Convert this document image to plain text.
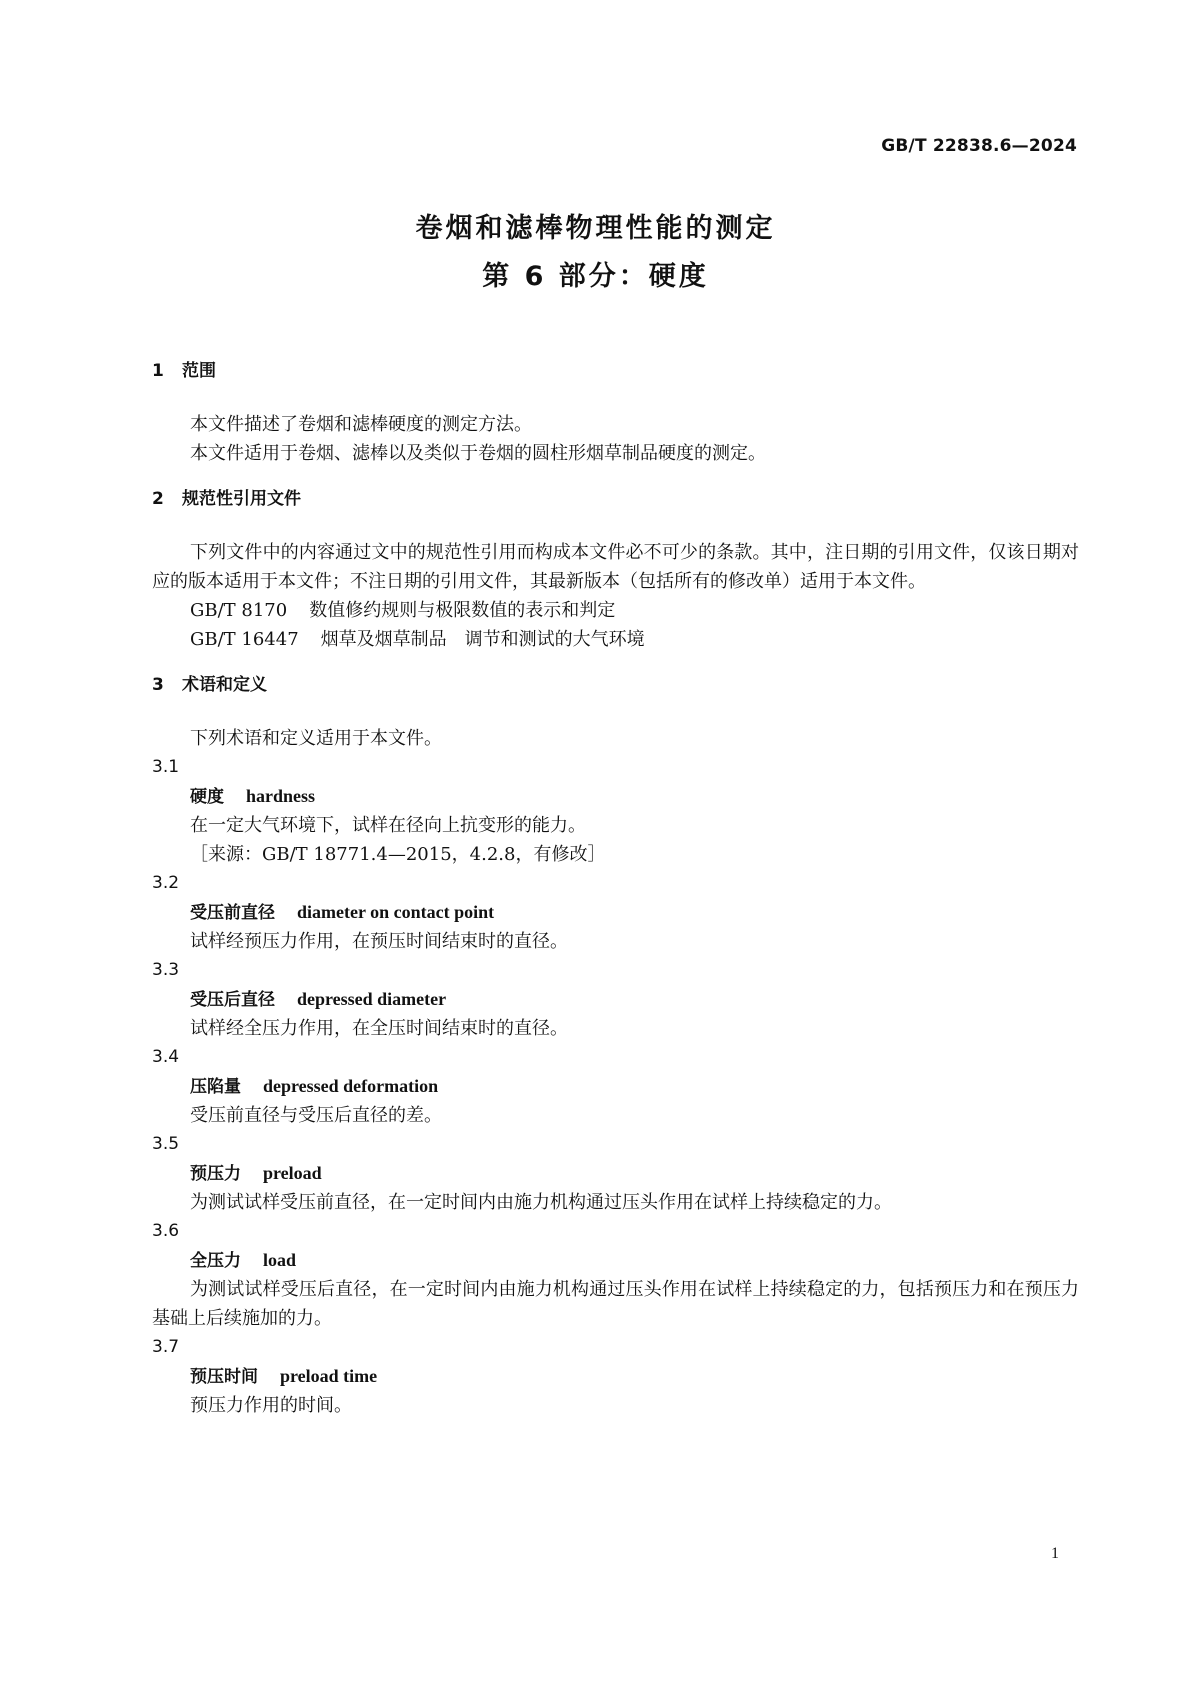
GB/T 22838.6—2024
卷烟和滤棒物理性能的测定
第 6 部分：硬度
1 范围
本文件描述了卷烟和滤棒硬度的测定方法。
本文件适用于卷烟、滤棒以及类似于卷烟的圆柱形烟草制品硬度的测定。
2 规范性引用文件
下列文件中的内容通过文中的规范性引用而构成本文件必不可少的条款。其中，注日期的引用文件，仅该日期对应的版本适用于本文件；不注日期的引用文件，其最新版本（包括所有的修改单）适用于本文件。
GB/T 8170 数值修约规则与极限数值的表示和判定
GB/T 16447 烟草及烟草制品　调节和测试的大气环境
3 术语和定义
下列术语和定义适用于本文件。
3.1
硬度 hardness
在一定大气环境下，试样在径向上抗变形的能力。
［来源：GB/T 18771.4—2015，4.2.8，有修改］
3.2
受压前直径 diameter on contact point
试样经预压力作用，在预压时间结束时的直径。
3.3
受压后直径 depressed diameter
试样经全压力作用，在全压时间结束时的直径。
3.4
压陷量 depressed deformation
受压前直径与受压后直径的差。
3.5
预压力 preload
为测试试样受压前直径，在一定时间内由施力机构通过压头作用在试样上持续稳定的力。
3.6
全压力 load
为测试试样受压后直径，在一定时间内由施力机构通过压头作用在试样上持续稳定的力，包括预压力和在预压力基础上后续施加的力。
3.7
预压时间 preload time
预压力作用的时间。
1
